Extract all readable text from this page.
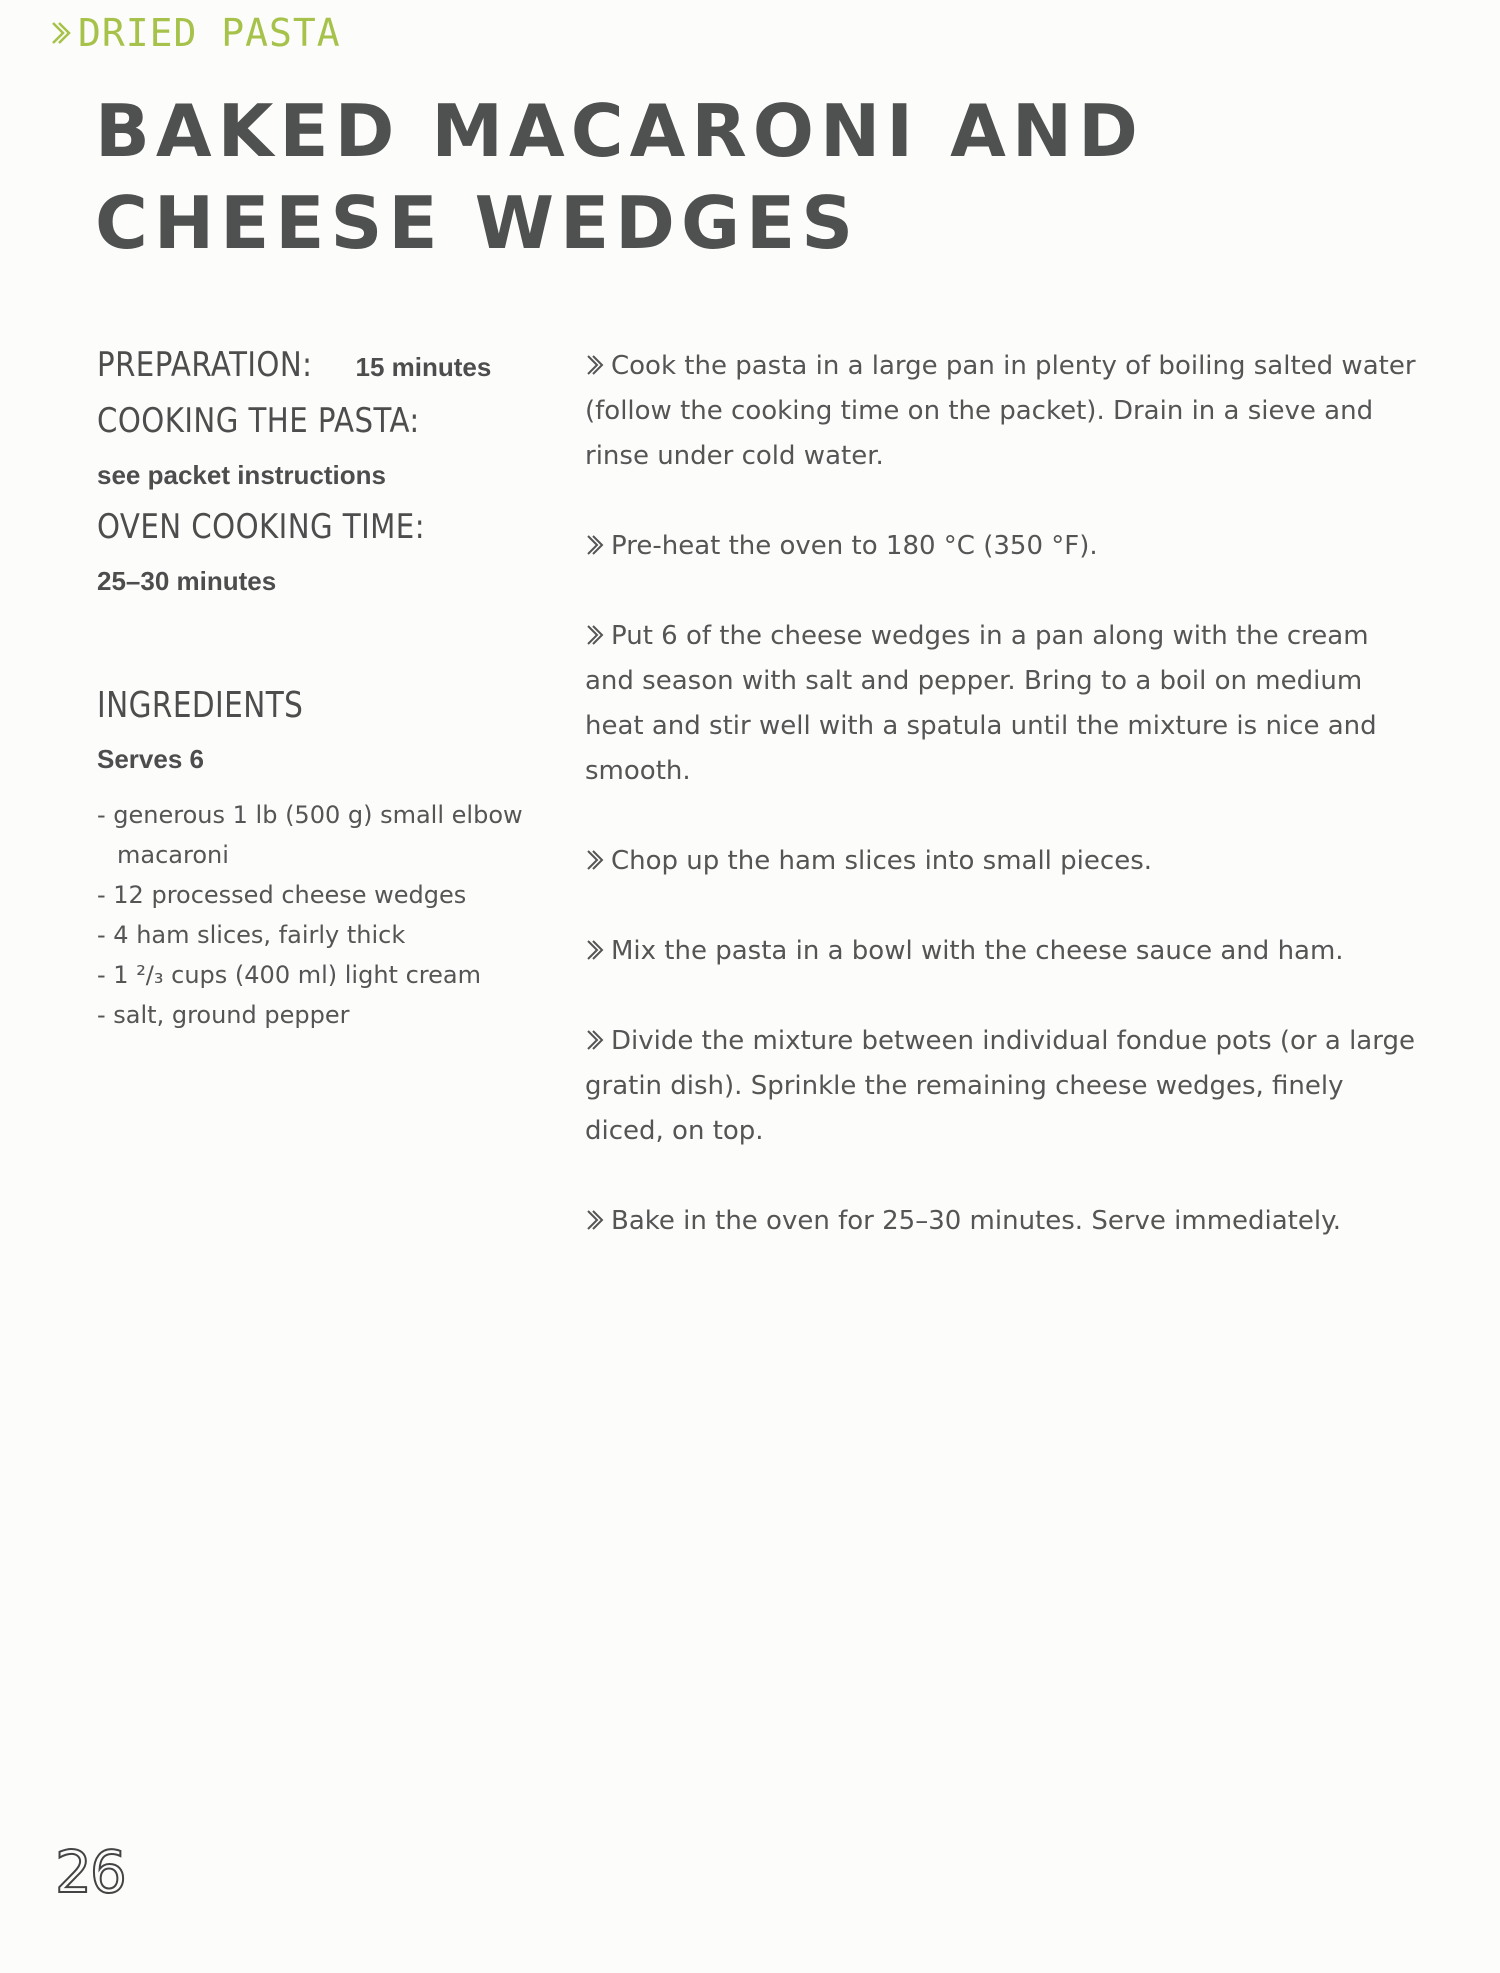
DRIED PASTA
BAKED MACARONI AND
CHEESE WEDGES
PREPARATION: 15 minutes
COOKING THE PASTA:
see packet instructions
OVEN COOKING TIME:
25–30 minutes
INGREDIENTS
Serves 6
- generous 1 lb (500 g) small elbow macaroni
- 12 processed cheese wedges
- 4 ham slices, fairly thick
- 1 ²/₃ cups (400 ml) light cream
- salt, ground pepper

Cook the pasta in a large pan in plenty of boiling salted water (follow the cooking time on the packet). Drain in a sieve and rinse under cold water.

Pre-heat the oven to 180 °C (350 °F).

Put 6 of the cheese wedges in a pan along with the cream and season with salt and pepper. Bring to a boil on medium heat and stir well with a spatula until the mixture is nice and smooth.

Chop up the ham slices into small pieces.

Mix the pasta in a bowl with the cheese sauce and ham.

Divide the mixture between individual fondue pots (or a large gratin dish). Sprinkle the remaining cheese wedges, finely diced, on top.

Bake in the oven for 25–30 minutes. Serve immediately.

26
